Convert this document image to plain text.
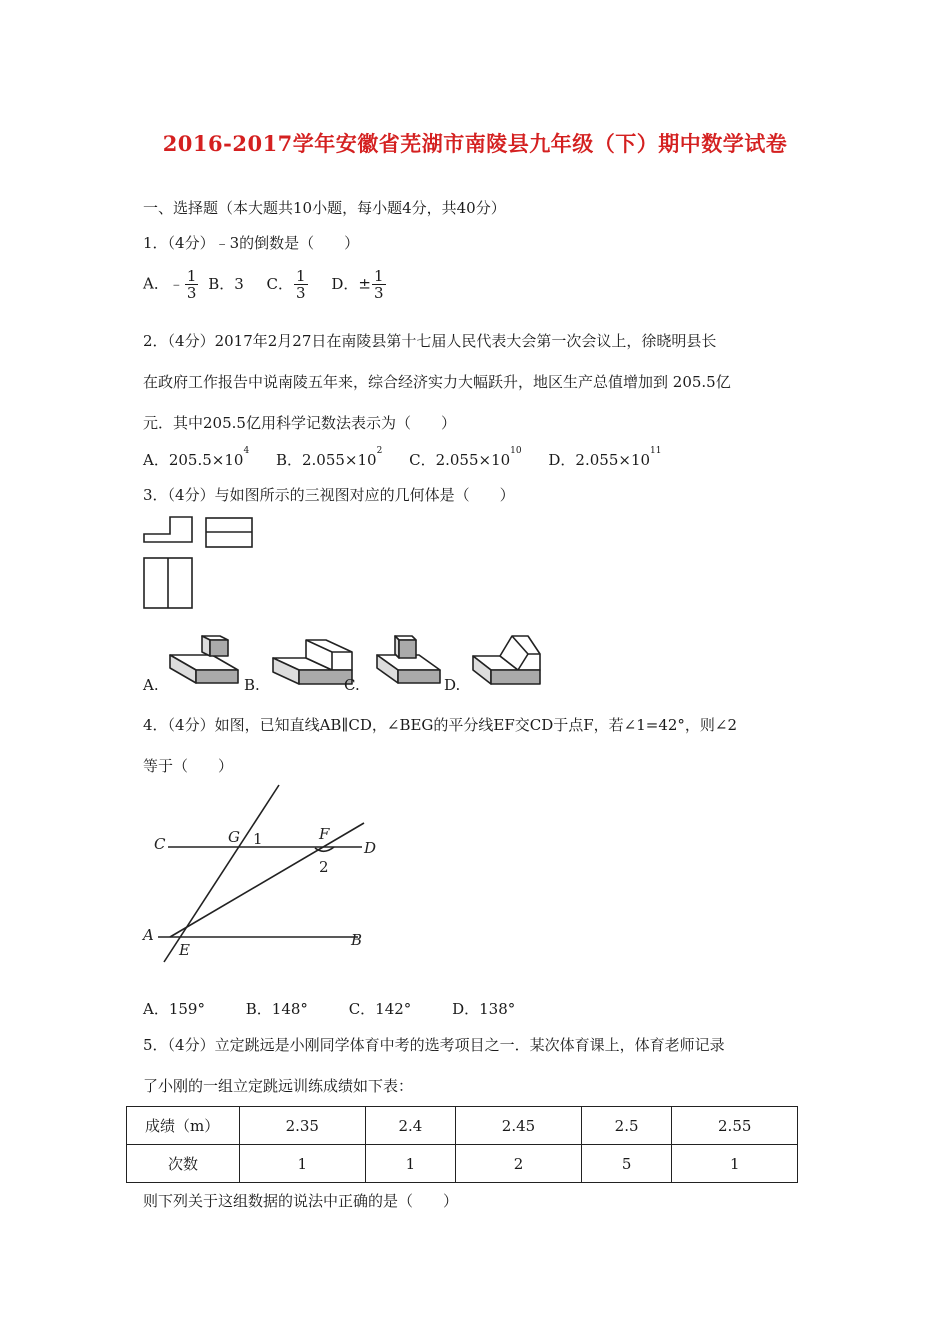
2016-2017学年安徽省芜湖市南陵县九年级（下）期中数学试卷
一、选择题（本大题共10小题，每小题4分，共40分）
1．（4分）﹣3的倒数是（　　）
A．﹣ $\frac{1}{3}$ B．3 C． $\frac{1}{3}$ D．± $\frac{1}{3}$
2．（4分）2017年2月27日在南陵县第十七届人民代表大会第一次会议上，徐晓明县长
在政府工作报告中说南陵五年来，综合经济实力大幅跃升，地区生产总值增加到 205.5亿
元．其中205.5亿用科学记数法表示为（　　）
A．$205.5\times 10^4$ B．$2.055\times 10^2$ C．$2.055\times 10^{10}$ D．$2.055\times 10^{11}$
3．（4分）与如图所示的三视图对应的几何体是（　　）
A.	B.	C.	D.
4．（4分）如图，已知直线AB∥CD，∠BEG的平分线EF交CD于点F，若∠1=42°，则∠2
等于（　　）
C	G 1	F
D
2
A
E
B
A．159°	B．148°	C．142°	D．138°
5．（4分）立定跳远是小刚同学体育中考的选考项目之一．某次体育课上，体育老师记录
了小刚的一组立定跳远训练成绩如下表：
成绩（m）	2.35	2.4	2.45	2.5	2.55
次数	1	1	2	5	1
则下列关于这组数据的说法中正确的是（　　）
